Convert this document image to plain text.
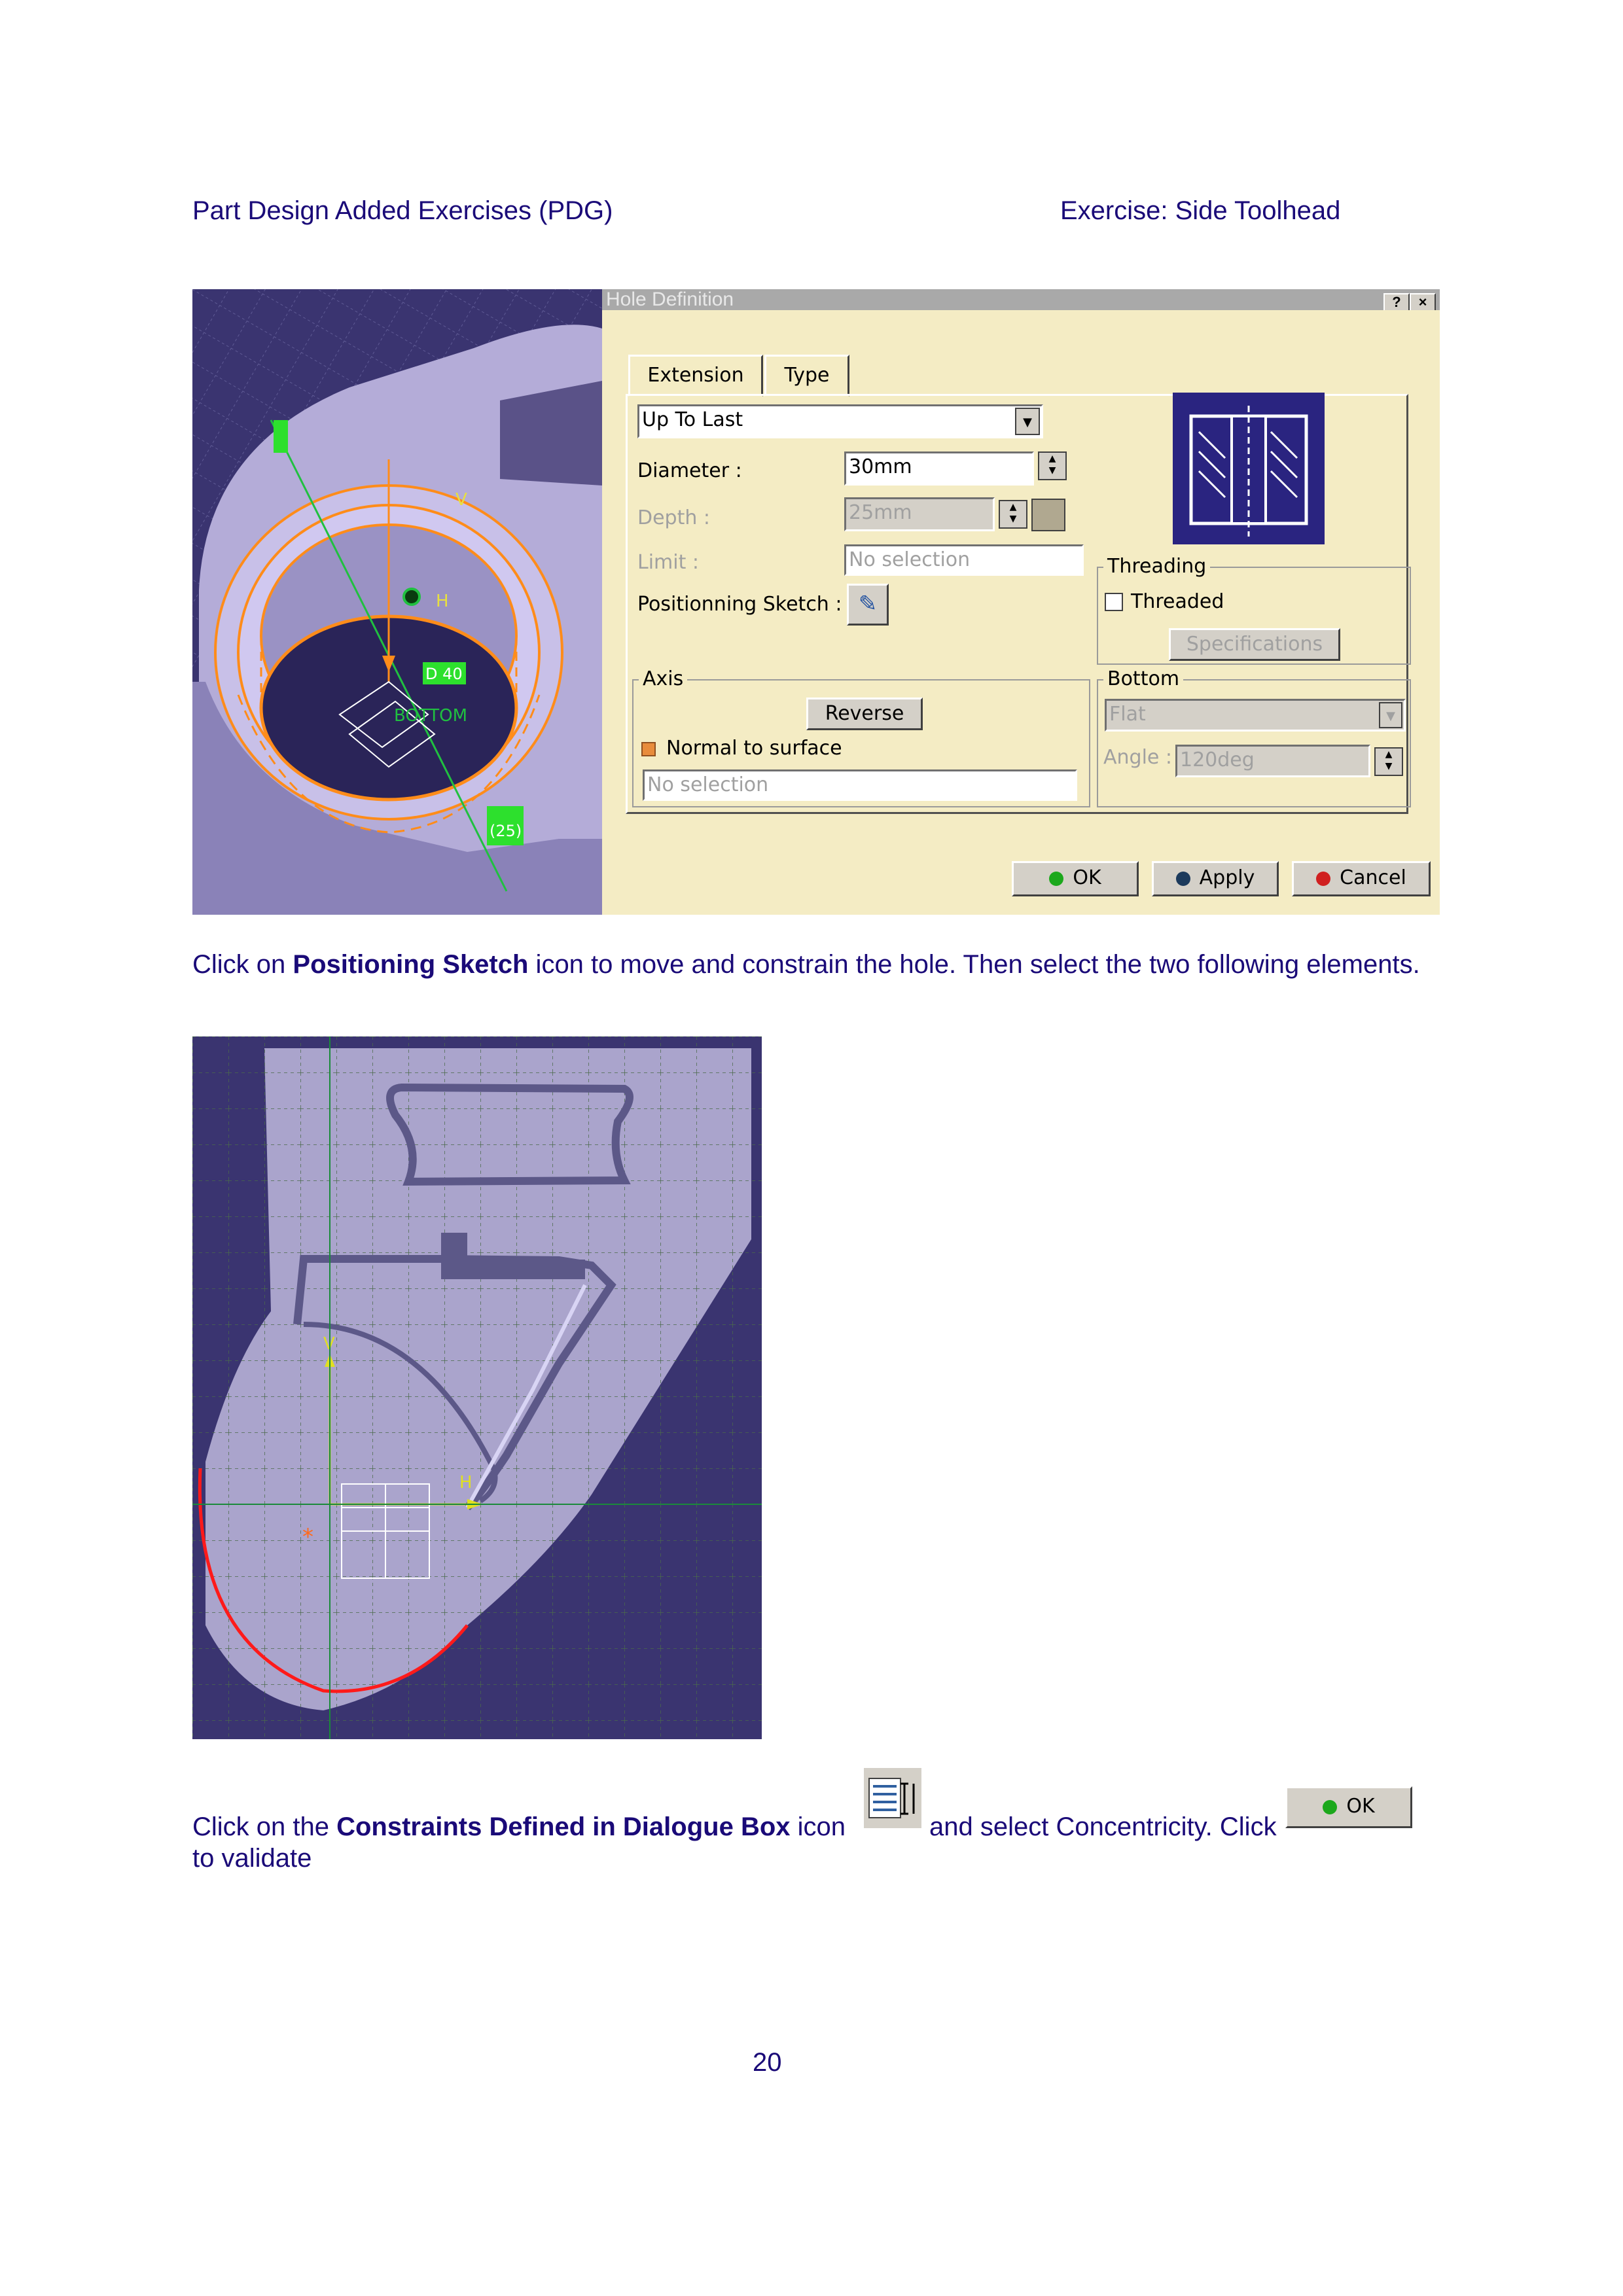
Part Design Added Exercises (PDG)	Exercise: Side Toolhead
D 40
BOTTOM
(25)
H
V
Hole Definition	?	×
Extension	Type
Up To Last	▼
Diameter :	30mm	▲
▼
Depth :	25mm	▲
▼
Limit :	No selection
Positionning Sketch : ✎
Threading
Threaded
Specifications
Axis
Reverse
Normal to surface
No selection
Bottom
Flat	▼
Angle : 120deg	▲
▼
OK	Apply	Cancel
Click on Positioning Sketch icon to move and constrain the hole. Then select the two following elements.
H
V
*
Click on the Constraints Defined in Dialogue Box icon	and select Concentricity. Click
OK
to validate
20
